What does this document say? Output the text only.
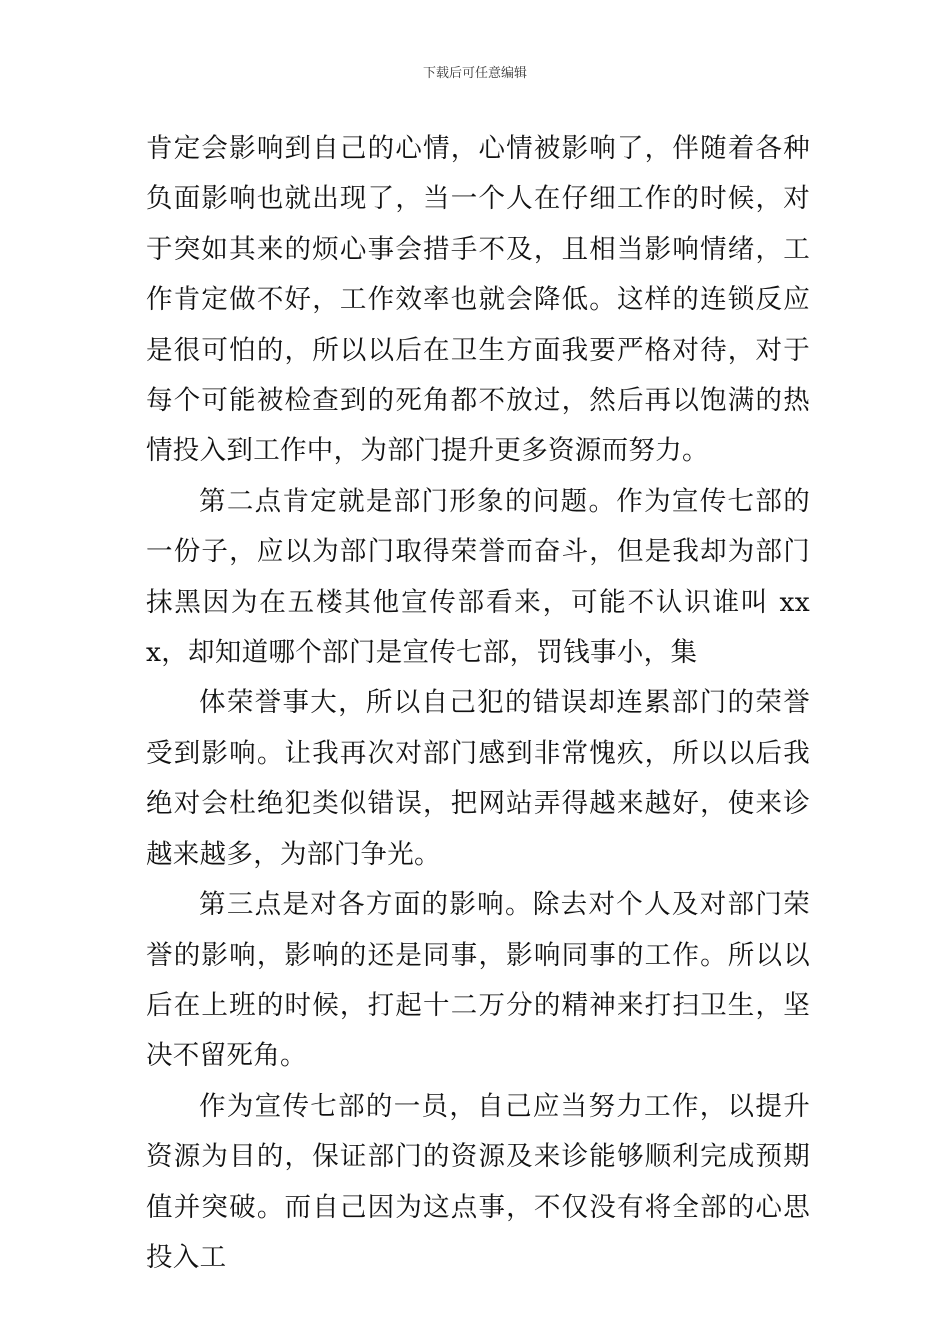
下载后可任意编辑

肯定会影响到自己的心情，心情被影响了，伴随着各种负面影响也就出现了，当一个人在仔细工作的时候，对于突如其来的烦心事会措手不及，且相当影响情绪，工作肯定做不好，工作效率也就会降低。这样的连锁反应是很可怕的，所以以后在卫生方面我要严格对待，对于每个可能被检查到的死角都不放过，然后再以饱满的热情投入到工作中，为部门提升更多资源而努力。

第二点肯定就是部门形象的问题。作为宣传七部的一份子，应以为部门取得荣誉而奋斗，但是我却为部门抹黑因为在五楼其他宣传部看来，可能不认识谁叫 xxx，却知道哪个部门是宣传七部，罚钱事小，集

体荣誉事大，所以自己犯的错误却连累部门的荣誉受到影响。让我再次对部门感到非常愧疚，所以以后我绝对会杜绝犯类似错误，把网站弄得越来越好，使来诊越来越多，为部门争光。

第三点是对各方面的影响。除去对个人及对部门荣誉的影响，影响的还是同事，影响同事的工作。所以以后在上班的时候，打起十二万分的精神来打扫卫生，坚决不留死角。

作为宣传七部的一员，自己应当努力工作，以提升资源为目的，保证部门的资源及来诊能够顺利完成预期值并突破。而自己因为这点事，不仅没有将全部的心思投入工
